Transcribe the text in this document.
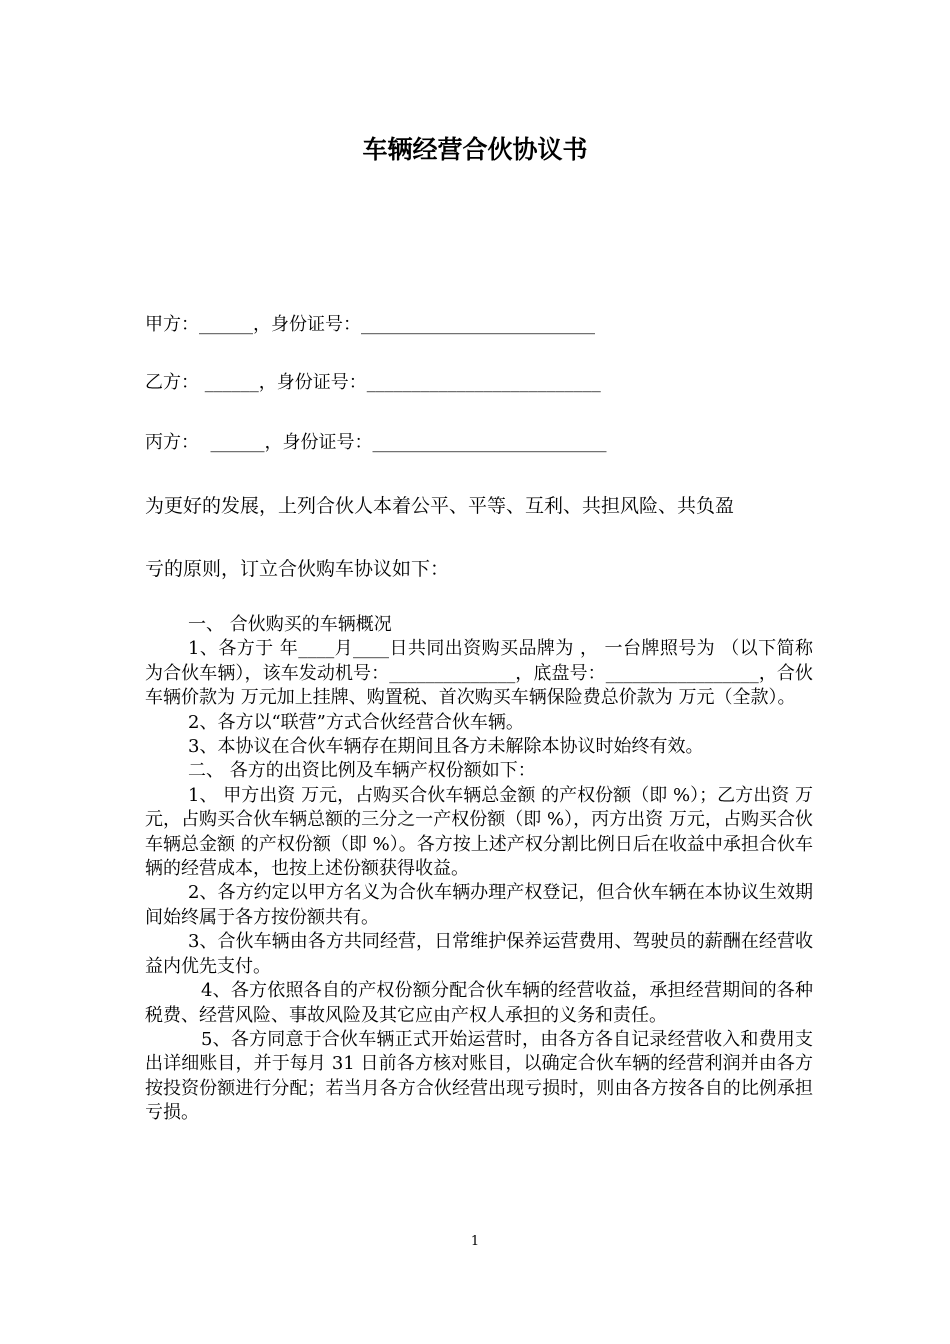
车辆经营合伙协议书

甲方：______，身份证号：__________________________

乙方： ______，身份证号：__________________________

丙方：  ______，身份证号：__________________________

为更好的发展，上列合伙人本着公平、平等、互利、共担风险、共负盈

亏的原则，订立合伙购车协议如下：

一、 合伙购买的车辆概况

1、各方于 年____月____日共同出资购买品牌为 ， 一台牌照号为 （以下简称为合伙车辆），该车发动机号：______________，底盘号：_________________，合伙车辆价款为 万元加上挂牌、购置税、首次购买车辆保险费总价款为 万元（全款）。

2、各方以“联营”方式合伙经营合伙车辆。

3、本协议在合伙车辆存在期间且各方未解除本协议时始终有效。

二、 各方的出资比例及车辆产权份额如下：

1、 甲方出资 万元，占购买合伙车辆总金额 的产权份额（即 %）；乙方出资 万元，占购买合伙车辆总额的三分之一产权份额（即 %），丙方出资 万元，占购买合伙车辆总金额 的产权份额（即 %）。各方按上述产权分割比例日后在收益中承担合伙车辆的经营成本，也按上述份额获得收益。

2、各方约定以甲方名义为合伙车辆办理产权登记，但合伙车辆在本协议生效期间始终属于各方按份额共有。

3、合伙车辆由各方共同经营，日常维护保养运营费用、驾驶员的薪酬在经营收益内优先支付。

4、各方依照各自的产权份额分配合伙车辆的经营收益，承担经营期间的各种税费、经营风险、事故风险及其它应由产权人承担的义务和责任。

5、各方同意于合伙车辆正式开始运营时，由各方各自记录经营收入和费用支出详细账目，并于每月 31 日前各方核对账目，以确定合伙车辆的经营利润并由各方按投资份额进行分配；若当月各方合伙经营出现亏损时，则由各方按各自的比例承担亏损。

1
